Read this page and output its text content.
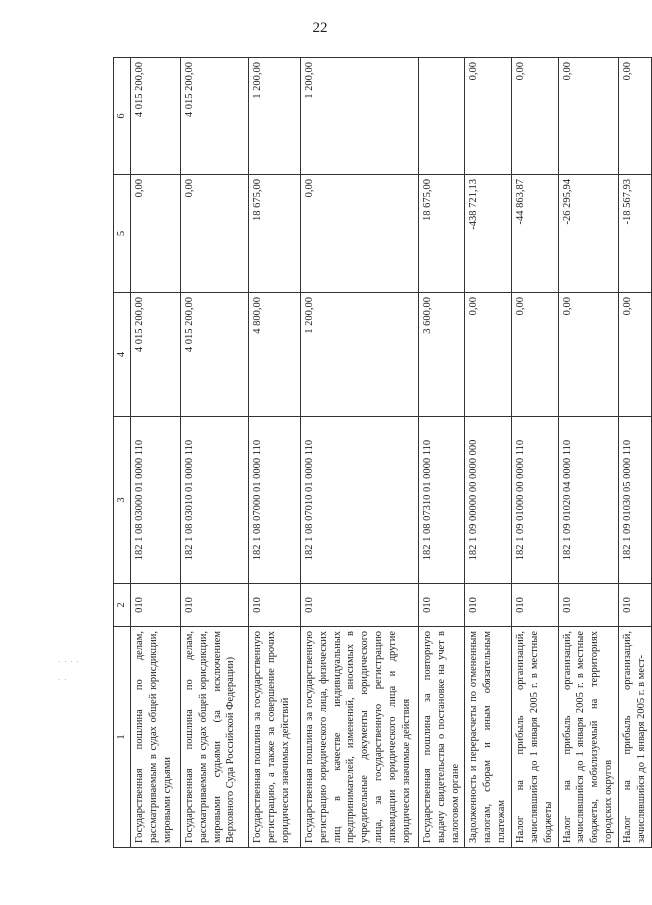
22
· · · ·
· ·
1	2	3	4	5	6
Государственная пошлина по делам, рассматриваемым в судах общей юрисдикции, мировыми судьями	010	182 1 08 03000 01 0000 110	4 015 200,00	0,00	4 015 200,00
Государственная пошлина по делам, рассматриваемым в судах общей юрисдикции, мировыми судьями (за исключением Верховного Суда Российской Федерации)	010	182 1 08 03010 01 0000 110	4 015 200,00	0,00	4 015 200,00
Государственная пошлина за государственную регистрацию, а также за совершение прочих юридически значимых действий	010	182 1 08 07000 01 0000 110	4 800,00	18 675,00	1 200,00
Государственная пошлина за государственную регистрацию юридического лица, физических лиц в качестве индивидуальных предпринимателей, изменений, вносимых в учредительные документы юридического лица, за государственную регистрацию ликвидации юридического лица и другие юридически значимые действия	010	182 1 08 07010 01 0000 110	1 200,00	0,00	1 200,00
Государственная пошлина за повторную выдачу свидетельства о постановке на учет в налоговом органе	010	182 1 08 07310 01 0000 110	3 600,00	18 675,00	
Задолженность и перерасчеты по отмененным налогам, сборам и иным обязательным платежам	010	182 1 09 00000 00 0000 000	0,00	-438 721,13	0,00
Налог на прибыль организаций, зачислявшийся до 1 января 2005 г. в местные бюджеты	010	182 1 09 01000 00 0000 110	0,00	-44 863,87	0,00
Налог на прибыль организаций, зачислявшийся до 1 января 2005 г. в местные бюджеты, мобилизуемый на территориях городских округов	010	182 1 09 01020 04 0000 110	0,00	-26 295,94	0,00
Налог на прибыль организаций, зачислявшийся до 1 января 2005 г. в мест-	010	182 1 09 01030 05 0000 110	0,00	-18 567,93	0,00
